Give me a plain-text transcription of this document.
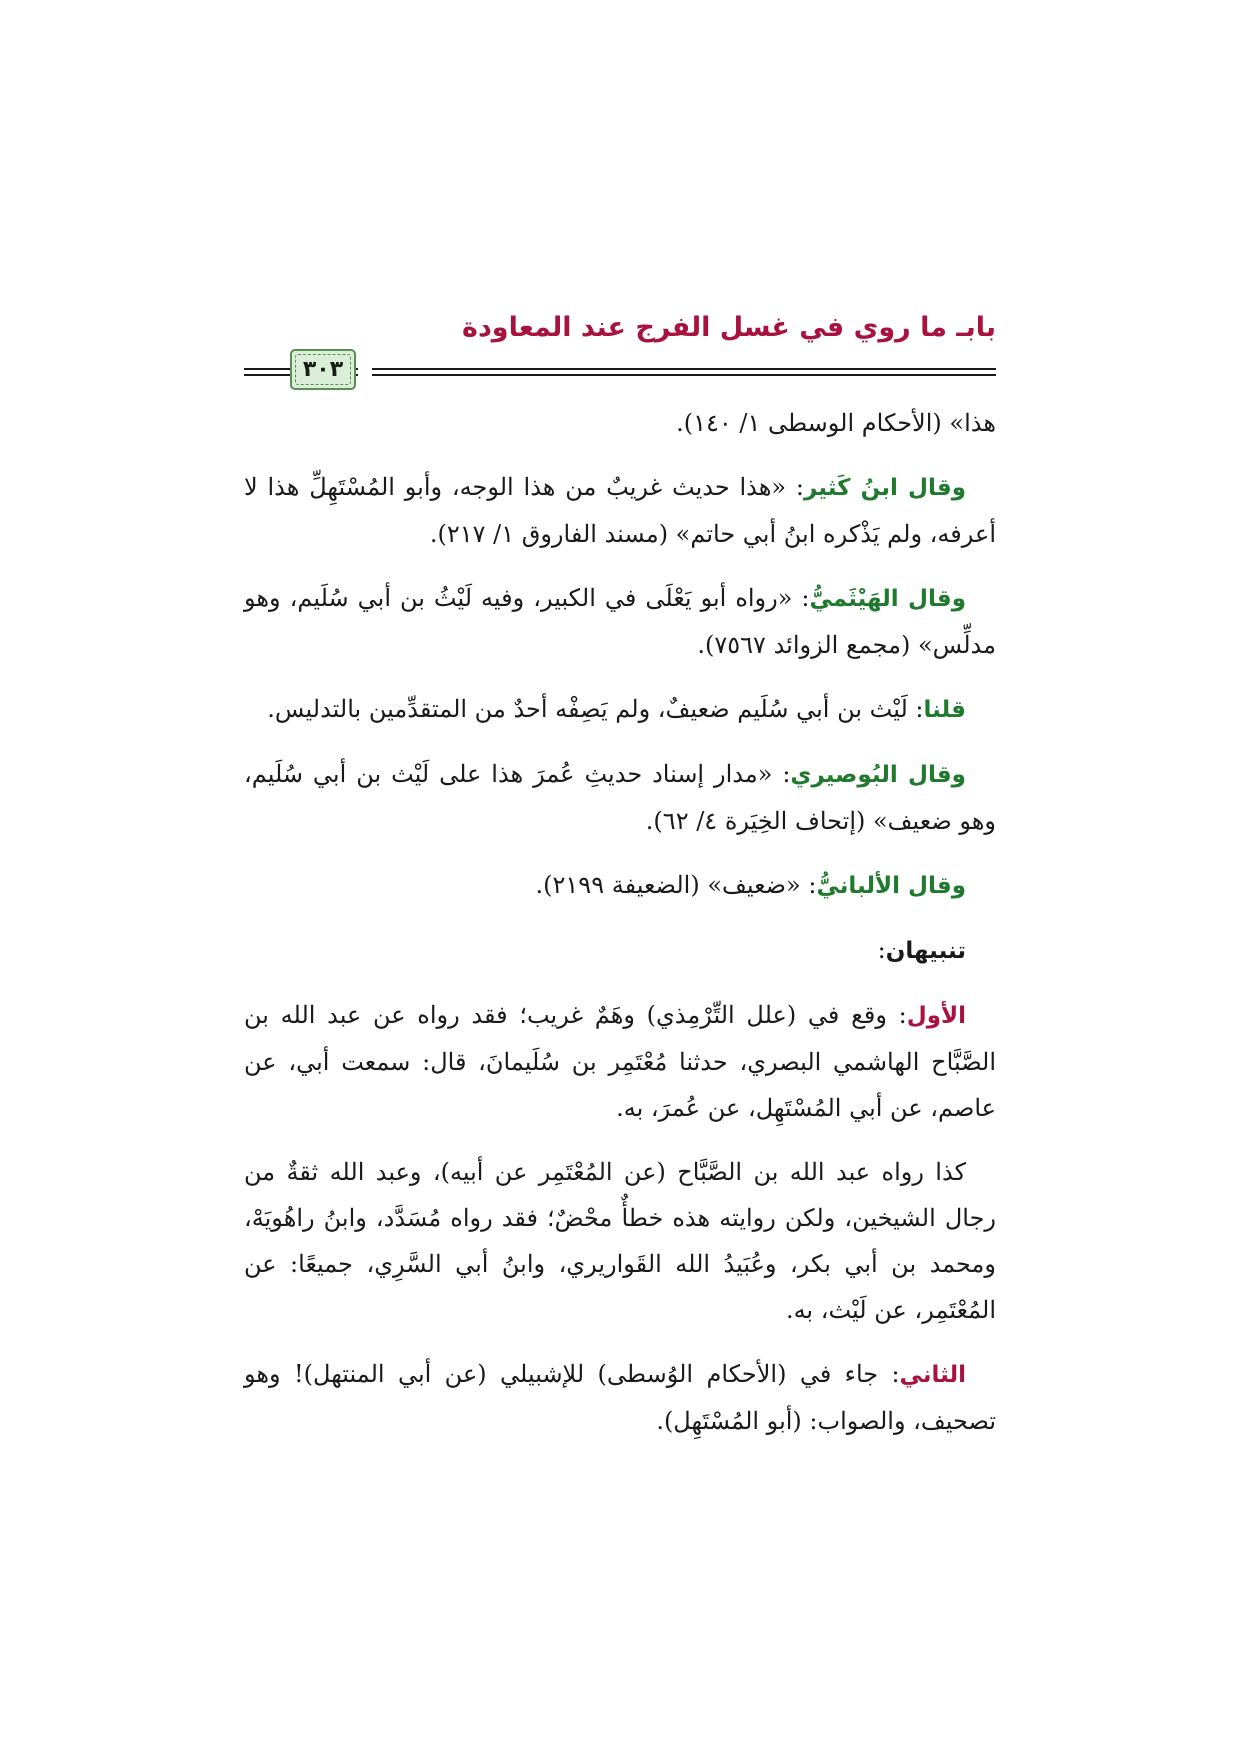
بابـ ما روي في غسل الفرج عند المعاودة
٣٠٣

هذا» (الأحكام الوسطى ١/ ١٤٠).

وقال ابنُ كَثير: «هذا حديث غريبٌ من هذا الوجه، وأبو المُسْتَهِلِّ هذا لا أعرفه، ولم يَذْكره ابنُ أبي حاتم» (مسند الفاروق ١/ ٢١٧).

وقال الهَيْثَميُّ: «رواه أبو يَعْلَى في الكبير، وفيه لَيْثُ بن أبي سُلَيم، وهو مدلِّس» (مجمع الزوائد ٧٥٦٧).

قلنا: لَيْث بن أبي سُلَيم ضعيفٌ، ولم يَصِفْه أحدٌ من المتقدِّمين بالتدليس.

وقال البُوصيري: «مدار إسناد حديثِ عُمرَ هذا على لَيْث بن أبي سُلَيم، وهو ضعيف» (إتحاف الخِيَرة ٤/ ٦٢).

وقال الألبانيُّ: «ضعيف» (الضعيفة ٢١٩٩).

تنبيهان:

الأول: وقع في (علل التِّرْمِذي) وهَمٌ غريب؛ فقد رواه عن عبد الله بن الصَّبَّاح الهاشمي البصري، حدثنا مُعْتَمِر بن سُلَيمانَ، قال: سمعت أبي، عن عاصم، عن أبي المُسْتَهِل، عن عُمرَ، به.

كذا رواه عبد الله بن الصَّبَّاح (عن المُعْتَمِر عن أبيه)، وعبد الله ثقةٌ من رجال الشيخين، ولكن روايته هذه خطأٌ محْضٌ؛ فقد رواه مُسَدَّد، وابنُ راهُويَهْ، ومحمد بن أبي بكر، وعُبَيدُ الله القَواريري، وابنُ أبي السَّرِي، جميعًا: عن المُعْتَمِر، عن لَيْث، به.

الثاني: جاء في (الأحكام الوُسطى) للإشبيلي (عن أبي المنتهل)! وهو تصحيف، والصواب: (أبو المُسْتَهِل).
